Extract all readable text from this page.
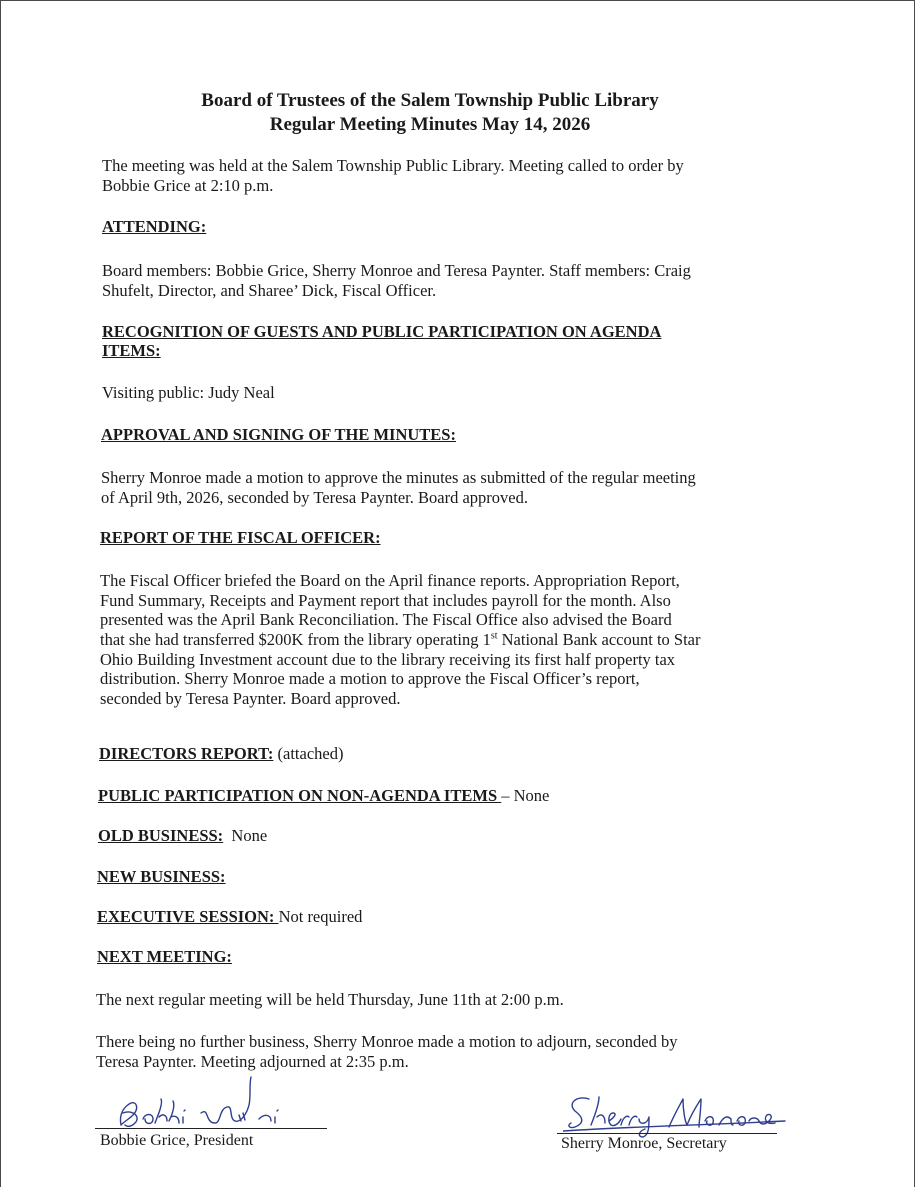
Board of Trustees of the Salem Township Public Library
Regular Meeting Minutes May 14, 2026
The meeting was held at the Salem Township Public Library. Meeting called to order by
Bobbie Grice at 2:10 p.m.
ATTENDING:
Board members: Bobbie Grice, Sherry Monroe and Teresa Paynter. Staff members: Craig
Shufelt, Director, and Sharee’ Dick, Fiscal Officer.
RECOGNITION OF GUESTS AND PUBLIC PARTICIPATION ON AGENDA
ITEMS:
Visiting public: Judy Neal
APPROVAL AND SIGNING OF THE MINUTES:
Sherry Monroe made a motion to approve the minutes as submitted of the regular meeting
of April 9th, 2026, seconded by Teresa Paynter. Board approved.
REPORT OF THE FISCAL OFFICER:
The Fiscal Officer briefed the Board on the April finance reports. Appropriation Report,
Fund Summary, Receipts and Payment report that includes payroll for the month. Also
presented was the April Bank Reconciliation. The Fiscal Office also advised the Board
that she had transferred $200K from the library operating 1st National Bank account to Star
Ohio Building Investment account due to the library receiving its first half property tax
distribution. Sherry Monroe made a motion to approve the Fiscal Officer’s report,
seconded by Teresa Paynter. Board approved.
DIRECTORS REPORT: (attached)
PUBLIC PARTICIPATION ON NON-AGENDA ITEMS – None
OLD BUSINESS:  None
NEW BUSINESS:
EXECUTIVE SESSION: Not required
NEXT MEETING:
The next regular meeting will be held Thursday, June 11th at 2:00 p.m.
There being no further business, Sherry Monroe made a motion to adjourn, seconded by
Teresa Paynter. Meeting adjourned at 2:35 p.m.
Bobbie Grice, President	Sherry Monroe, Secretary
